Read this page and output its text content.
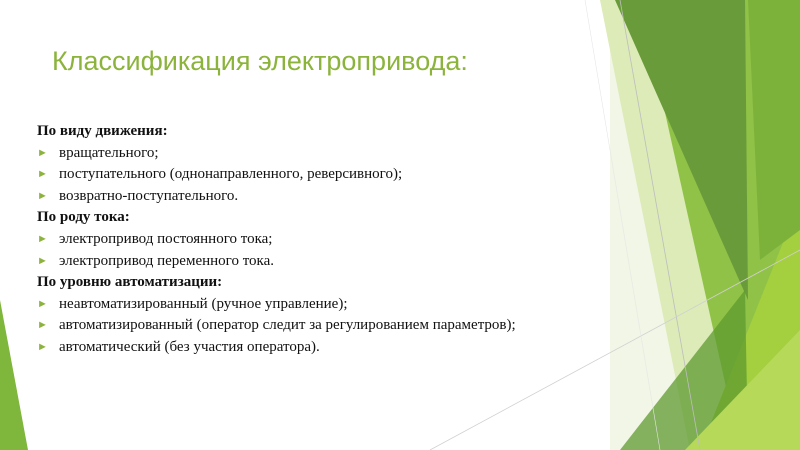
Классификация электропривода:
По виду движения:
► вращательного;
► поступательного (однонаправленного, реверсивного);
► возвратно-поступательного.
По роду тока:
► электропривод постоянного тока;
► электропривод переменного тока.
По уровню автоматизации:
► неавтоматизированный (ручное управление);
► автоматизированный (оператор следит за регулированием параметров);
► автоматический (без участия оператора).
